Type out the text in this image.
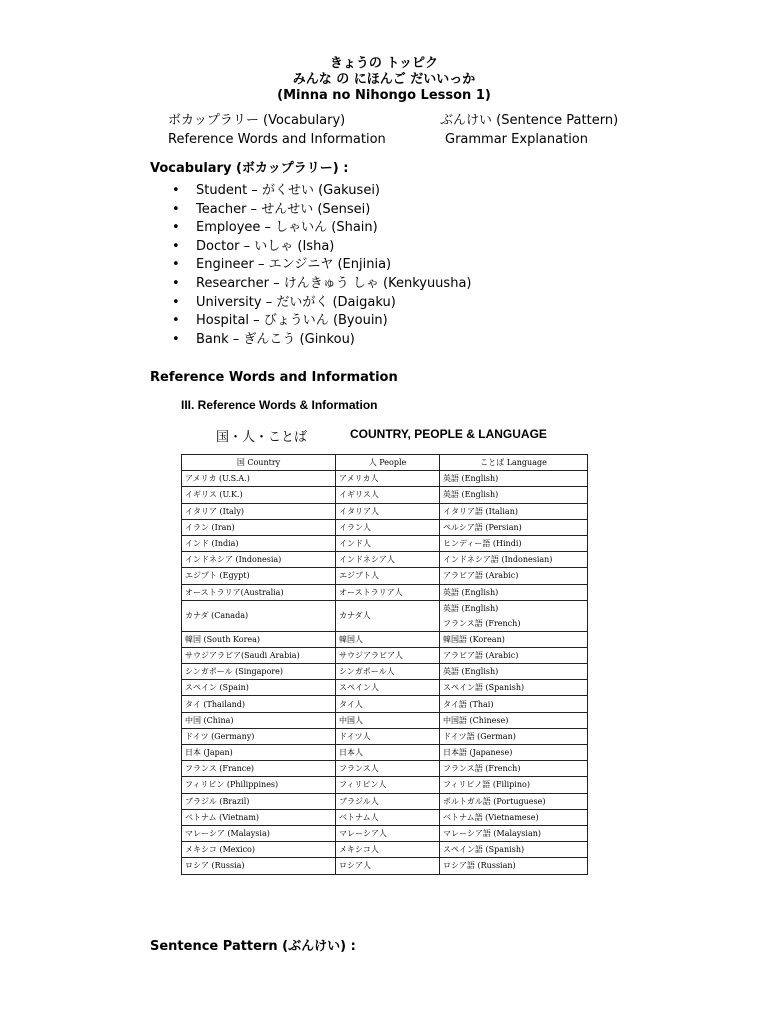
きょうの トッピク
みんな の にほんご だいいっか
(Minna no Nihongo Lesson 1)
ボカップラリー (Vocabulary)
Reference Words and Information
ぶんけい (Sentence Pattern)
Grammar Explanation
Vocabulary (ボカップラリー) :
• Student – がくせい (Gakusei)
• Teacher – せんせい (Sensei)
• Employee – しゃいん (Shain)
• Doctor – いしゃ (Isha)
• Engineer – エンジニヤ (Enjinia)
• Researcher – けんきゅう しゃ (Kenkyuusha)
• University – だいがく (Daigaku)
• Hospital – びょういん (Byouin)
• Bank – ぎんこう (Ginkou)
Reference Words and Information
III. Reference Words & Information
国・人・ことば	COUNTRY, PEOPLE & LANGUAGE
国 Country	人 People	ことば Language
アメリカ (U.S.A.)	アメリカ人	英語 (English)

イギリス (U.K.)	イギリス人	英語 (English)

イタリア (Italy)	イタリア人	イタリア語 (Italian)

イラン (Iran)	イラン人	ペルシア語 (Persian)

インド (India)	インド人	ヒンディー語 (Hindi)

インドネシア (Indonesia)	インドネシア人	インドネシア語 (Indonesian)

エジプト (Egypt)	エジプト人	アラビア語 (Arabic)

オーストラリア(Australia)	オーストラリア人	英語 (English)

カナダ (Canada)	カナダ人	英語 (English)
フランス語 (French)

韓国 (South Korea)	韓国人	韓国語 (Korean)

サウジアラビア(Saudi Arabia)	サウジアラビア人	アラビア語 (Arabic)

シンガポール (Singapore)	シンガポール人	英語 (English)

スペイン (Spain)	スペイン人	スペイン語 (Spanish)

タイ (Thailand)	タイ人	タイ語 (Thai)

中国 (China)	中国人	中国語 (Chinese)

ドイツ (Germany)	ドイツ人	ドイツ語 (German)

日本 (Japan)	日本人	日本語 (Japanese)

フランス (France)	フランス人	フランス語 (French)

フィリピン (Philippines)	フィリピン人	フィリピノ語 (Filipino)

ブラジル (Brazil)	ブラジル人	ポルトガル語 (Portuguese)

ベトナム (Vietnam)	ベトナム人	ベトナム語 (Vietnamese)

マレーシア (Malaysia)	マレーシア人	マレーシア語 (Malaysian)

メキシコ (Mexico)	メキシコ人	スペイン語 (Spanish)

ロシア (Russia)	ロシア人	ロシア語 (Russian)
Sentence Pattern (ぶんけい) :
